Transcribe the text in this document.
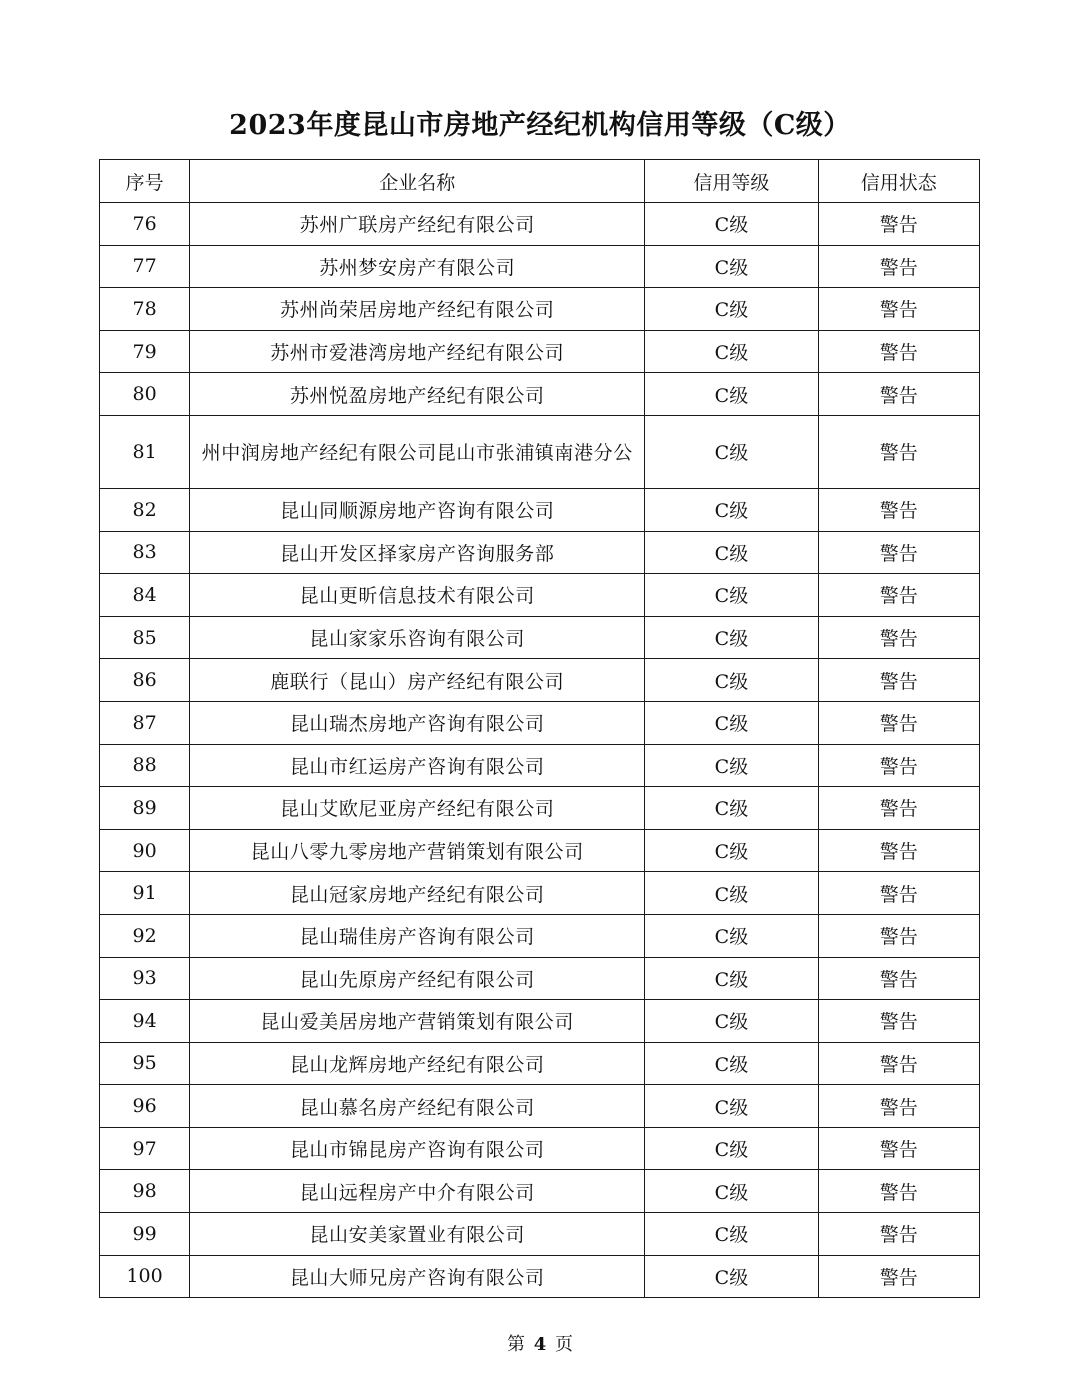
2023年度昆山市房地产经纪机构信用等级（C级）
序号	企业名称	信用等级	信用状态
76	苏州广联房产经纪有限公司	C级	警告
77	苏州梦安房产有限公司	C级	警告
78	苏州尚荣居房地产经纪有限公司	C级	警告
79	苏州市爱港湾房地产经纪有限公司	C级	警告
80	苏州悦盈房地产经纪有限公司	C级	警告
81	州中润房地产经纪有限公司昆山市张浦镇南港分公	C级	警告
82	昆山同顺源房地产咨询有限公司	C级	警告
83	昆山开发区择家房产咨询服务部	C级	警告
84	昆山更昕信息技术有限公司	C级	警告
85	昆山家家乐咨询有限公司	C级	警告
86	鹿联行（昆山）房产经纪有限公司	C级	警告
87	昆山瑞杰房地产咨询有限公司	C级	警告
88	昆山市红运房产咨询有限公司	C级	警告
89	昆山艾欧尼亚房产经纪有限公司	C级	警告
90	昆山八零九零房地产营销策划有限公司	C级	警告
91	昆山冠家房地产经纪有限公司	C级	警告
92	昆山瑞佳房产咨询有限公司	C级	警告
93	昆山先原房产经纪有限公司	C级	警告
94	昆山爱美居房地产营销策划有限公司	C级	警告
95	昆山龙辉房地产经纪有限公司	C级	警告
96	昆山慕名房产经纪有限公司	C级	警告
97	昆山市锦昆房产咨询有限公司	C级	警告
98	昆山远程房产中介有限公司	C级	警告
99	昆山安美家置业有限公司	C级	警告
100	昆山大师兄房产咨询有限公司	C级	警告
第 4 页
